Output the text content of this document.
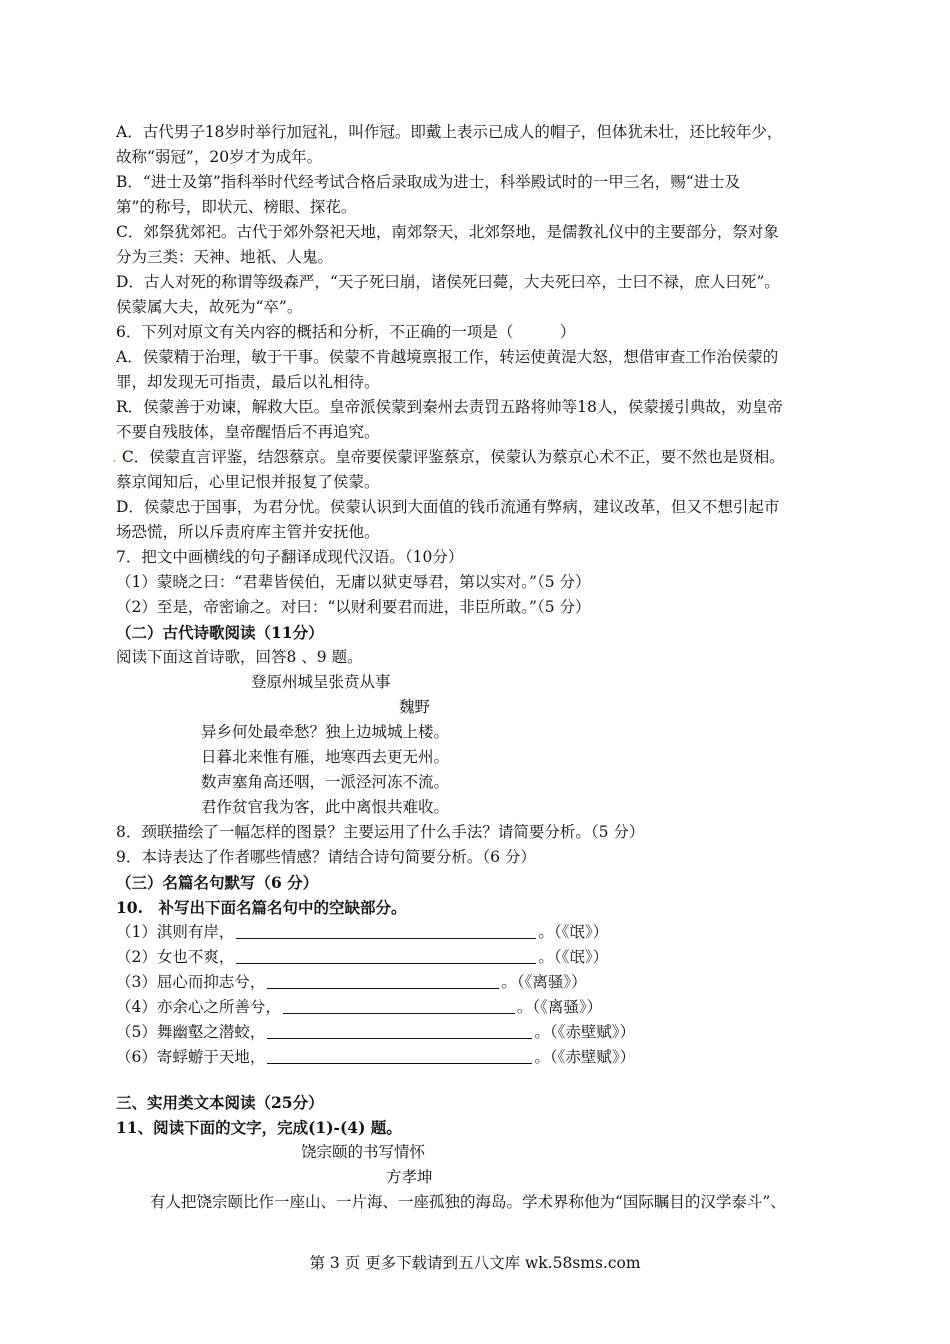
A．古代男子18岁时举行加冠礼，叫作冠。即戴上表示已成人的帽子，但体犹未壮，还比较年少，
故称“弱冠”，20岁才为成年。
B．“进士及第”指科举时代经考试合格后录取成为进士，科举殿试时的一甲三名，赐“进士及
第”的称号，即状元、榜眼、探花。
C．郊祭犹郊祀。古代于郊外祭祀天地，南郊祭天，北郊祭地，是儒教礼仪中的主要部分，祭对象
分为三类：天神、地祇、人鬼。
D．古人对死的称谓等级森严，“天子死曰崩，诸侯死曰薨，大夫死曰卒，士曰不禄，庶人曰死”。
侯蒙属大夫，故死为“卒”。
6．下列对原文有关内容的概括和分析，不正确的一项是（　　　）
A．侯蒙精于治理，敏于干事。侯蒙不肯越境禀报工作，转运使黄湜大怒，想借审查工作治侯蒙的
罪，却发现无可指责，最后以礼相待。
R．侯蒙善于劝谏，解救大臣。皇帝派侯蒙到秦州去责罚五路将帅等18人，侯蒙援引典故，劝皇帝
不要自残肢体，皇帝醒悟后不再追究。
. C．侯蒙直言评鉴，结怨蔡京。皇帝要侯蒙评鉴蔡京，侯蒙认为蔡京心术不正，要不然也是贤相。
蔡京闻知后，心里记恨并报复了侯蒙。
D．侯蒙忠于国事，为君分忧。侯蒙认识到大面值的钱币流通有弊病，建议改革，但又不想引起市
场恐慌，所以斥责府库主管并安抚他。
7．把文中画横线的句子翻译成现代汉语。（10分）
（1）蒙晓之曰：“君辈皆侯伯，无庸以狱吏辱君，第以实对。”（5 分）
（2）至是，帝密谕之。对曰：“以财利要君而进，非臣所敢。”（5 分）
（二）古代诗歌阅读（11分）
阅读下面这首诗歌，回答8 、9 题。
登原州城呈张贲从事
魏野
异乡何处最牵愁？独上边城城上楼。
日暮北来惟有雁，地寒西去更无州。
数声塞角高还咽，一派泾河冻不流。
君作贫官我为客，此中离恨共难收。
8．颈联描绘了一幅怎样的图景？主要运用了什么手法？请简要分析。（5 分）
9．本诗表达了作者哪些情感？请结合诗句简要分析。（6 分）
（三）名篇名句默写（6 分）
10.　补写出下面名篇名句中的空缺部分。
（1）淇则有岸，	。（《氓》）
（2）女也不爽，	。（《氓》）
（3）屈心而抑志兮，	。（《离骚》）
（4）亦余心之所善兮，	。（《离骚》）
（5）舞幽壑之潜蛟，	。（《赤壁赋》）
（6）寄蜉蝣于天地，	。（《赤壁赋》）
三、实用类文本阅读（25分）
11、阅读下面的文字，完成(1)-(4) 题。
饶宗颐的书写情怀
方孝坤
有人把饶宗颐比作一座山、一片海、一座孤独的海岛。学术界称他为“国际瞩目的汉学泰斗”、
第 3 页 更多下载请到五八文库 wk.58sms.com
